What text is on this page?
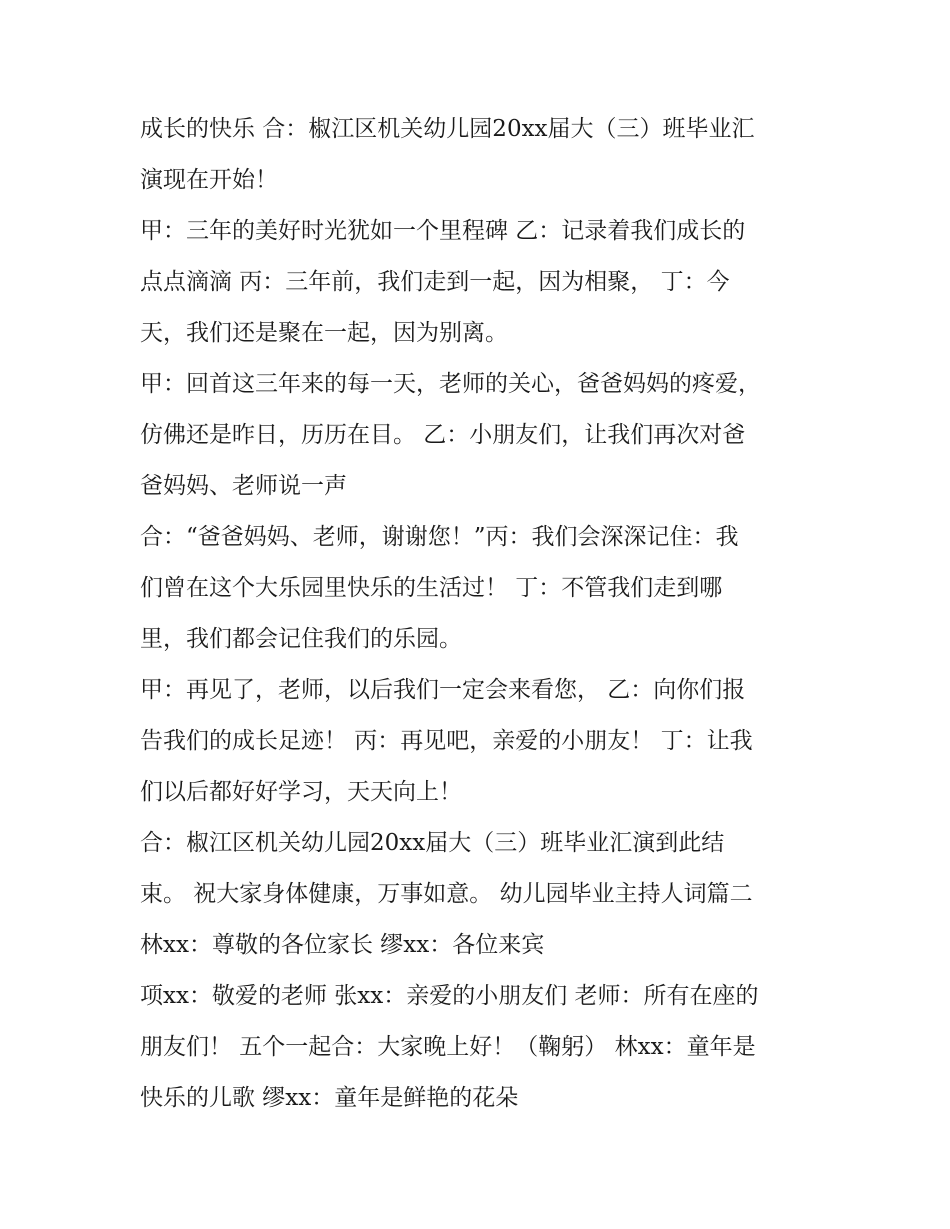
成长的快乐 合：椒江区机关幼儿园20xx届大（三）班毕业汇

演现在开始！

甲：三年的美好时光犹如一个里程碑 乙：记录着我们成长的

点点滴滴 丙：三年前，我们走到一起，因为相聚， 丁：今

天，我们还是聚在一起，因为别离。

甲：回首这三年来的每一天，老师的关心，爸爸妈妈的疼爱，

仿佛还是昨日，历历在目。 乙：小朋友们，让我们再次对爸

爸妈妈、老师说一声

合：“爸爸妈妈、老师，谢谢您！”丙：我们会深深记住：我

们曾在这个大乐园里快乐的生活过！ 丁：不管我们走到哪

里，我们都会记住我们的乐园。

甲：再见了，老师，以后我们一定会来看您， 乙：向你们报

告我们的成长足迹！ 丙：再见吧，亲爱的小朋友！ 丁：让我

们以后都好好学习，天天向上！

合：椒江区机关幼儿园20xx届大（三）班毕业汇演到此结

束。 祝大家身体健康，万事如意。 幼儿园毕业主持人词篇二

林xx：尊敬的各位家长 缪xx：各位来宾

项xx：敬爱的老师 张xx：亲爱的小朋友们 老师：所有在座的

朋友们！ 五个一起合：大家晚上好！（鞠躬） 林xx：童年是

快乐的儿歌 缪xx：童年是鲜艳的花朵
